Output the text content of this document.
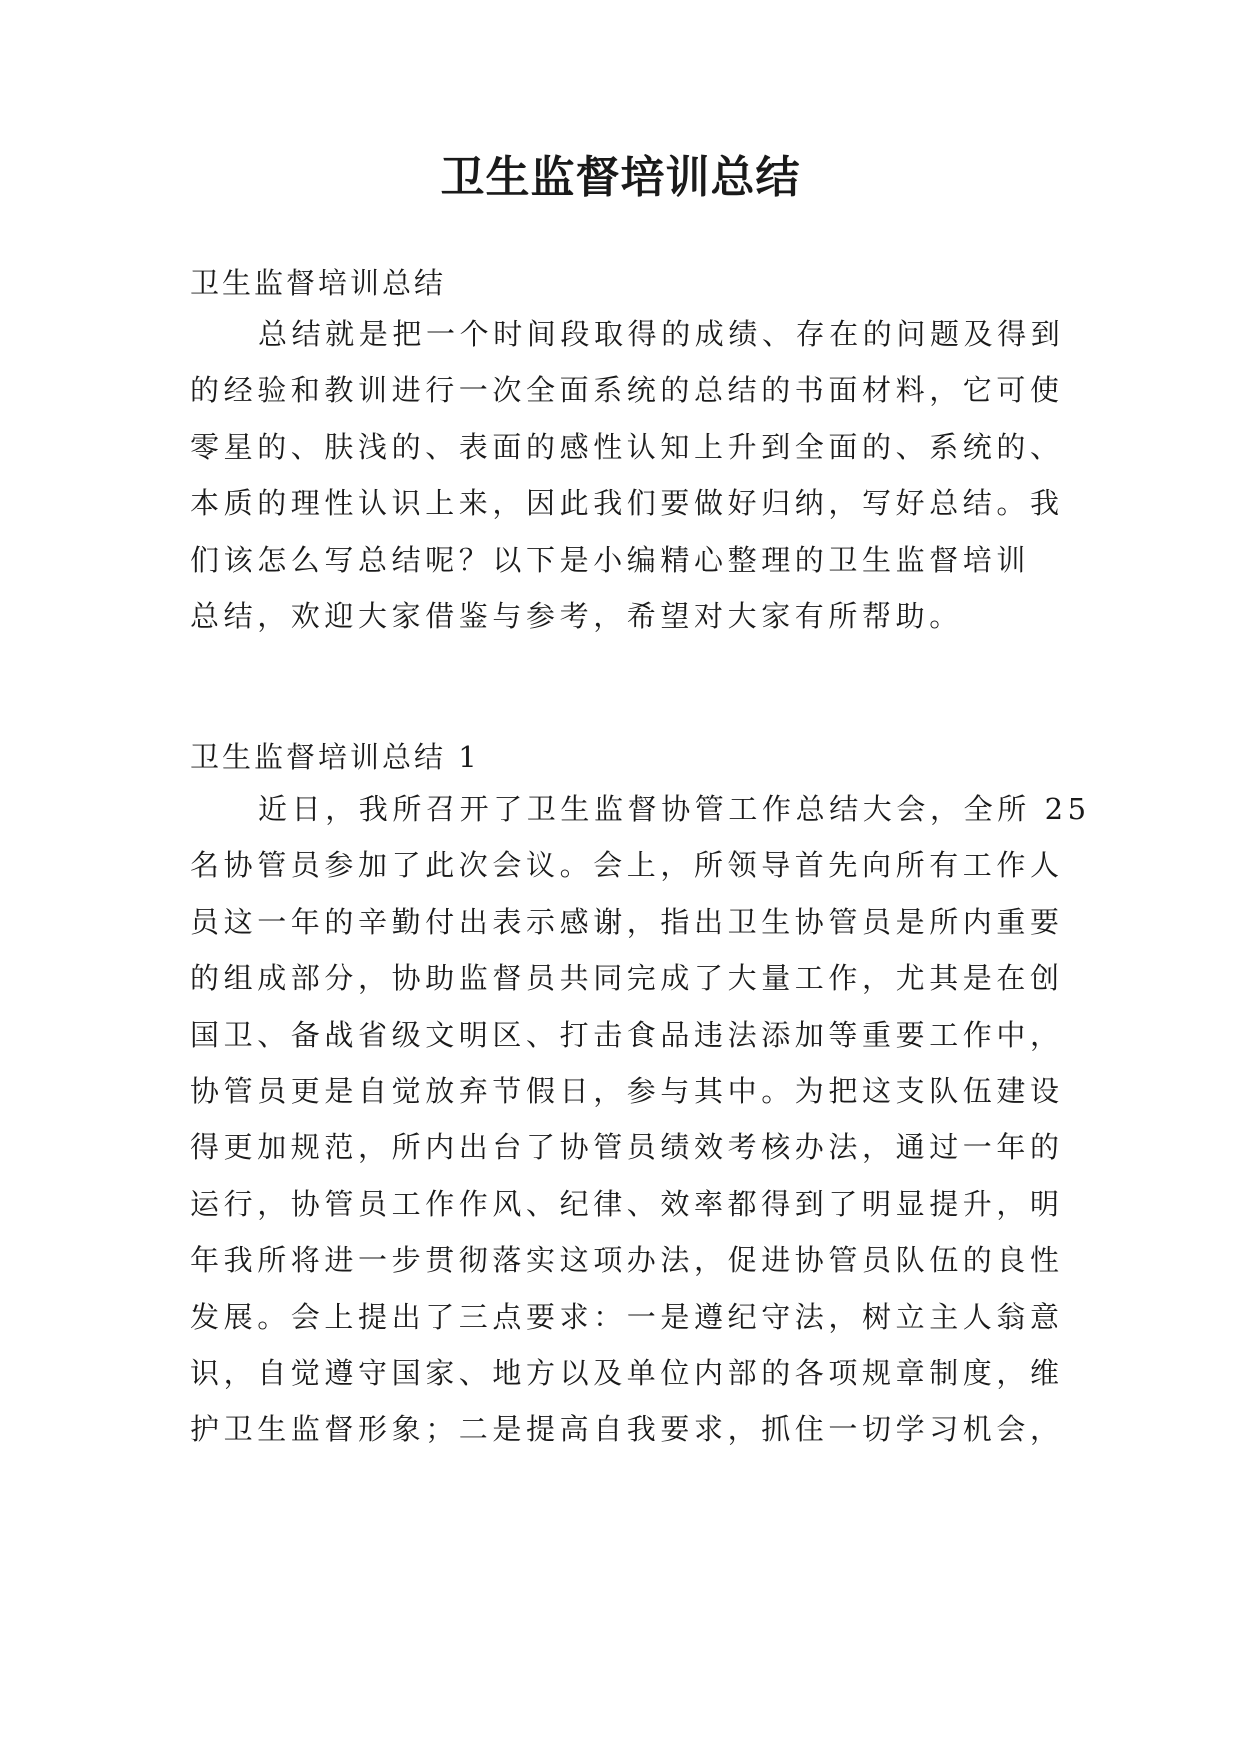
卫生监督培训总结
卫生监督培训总结
总结就是把一个时间段取得的成绩、存在的问题及得到
的经验和教训进行一次全面系统的总结的书面材料，它可使
零星的、肤浅的、表面的感性认知上升到全面的、系统的、
本质的理性认识上来，因此我们要做好归纳，写好总结。我
们该怎么写总结呢？以下是小编精心整理的卫生监督培训
总结，欢迎大家借鉴与参考，希望对大家有所帮助。
卫生监督培训总结 1
近日，我所召开了卫生监督协管工作总结大会，全所 25
名协管员参加了此次会议。会上，所领导首先向所有工作人
员这一年的辛勤付出表示感谢，指出卫生协管员是所内重要
的组成部分，协助监督员共同完成了大量工作，尤其是在创
国卫、备战省级文明区、打击食品违法添加等重要工作中，
协管员更是自觉放弃节假日，参与其中。为把这支队伍建设
得更加规范，所内出台了协管员绩效考核办法，通过一年的
运行，协管员工作作风、纪律、效率都得到了明显提升，明
年我所将进一步贯彻落实这项办法，促进协管员队伍的良性
发展。会上提出了三点要求：一是遵纪守法，树立主人翁意
识，自觉遵守国家、地方以及单位内部的各项规章制度，维
护卫生监督形象；二是提高自我要求，抓住一切学习机会，
